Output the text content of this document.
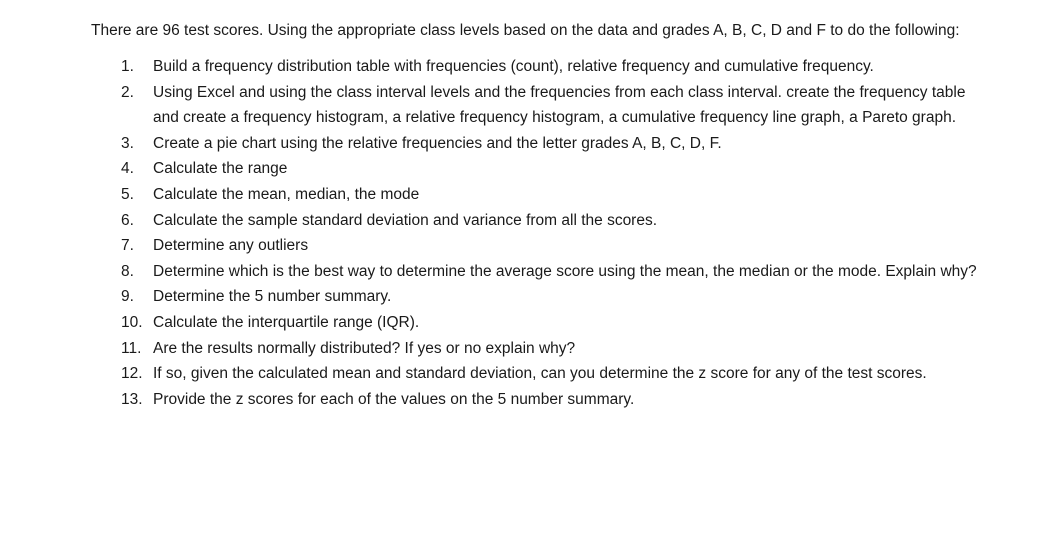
There are 96 test scores. Using the appropriate class levels based on the data and grades A, B, C, D and F to do the following:

1.	Build a frequency distribution table with frequencies (count), relative frequency and cumulative frequency.
2.	Using Excel and using the class interval levels and the frequencies from each class interval. create the frequency table and create a frequency histogram, a relative frequency histogram, a cumulative frequency line graph, a Pareto graph.
3.	Create a pie chart using the relative frequencies and the letter grades A, B, C, D, F.
4.	Calculate the range
5.	Calculate the mean, median, the mode
6.	Calculate the sample standard deviation and variance from all the scores.
7.	Determine any outliers
8.	Determine which is the best way to determine the average score using the mean, the median or the mode. Explain why?
9.	Determine the 5 number summary.
10. Calculate the interquartile range (IQR).
11. Are the results normally distributed? If yes or no explain why?
12. If so, given the calculated mean and standard deviation, can you determine the z score for any of the test scores.
13. Provide the z scores for each of the values on the 5 number summary.
